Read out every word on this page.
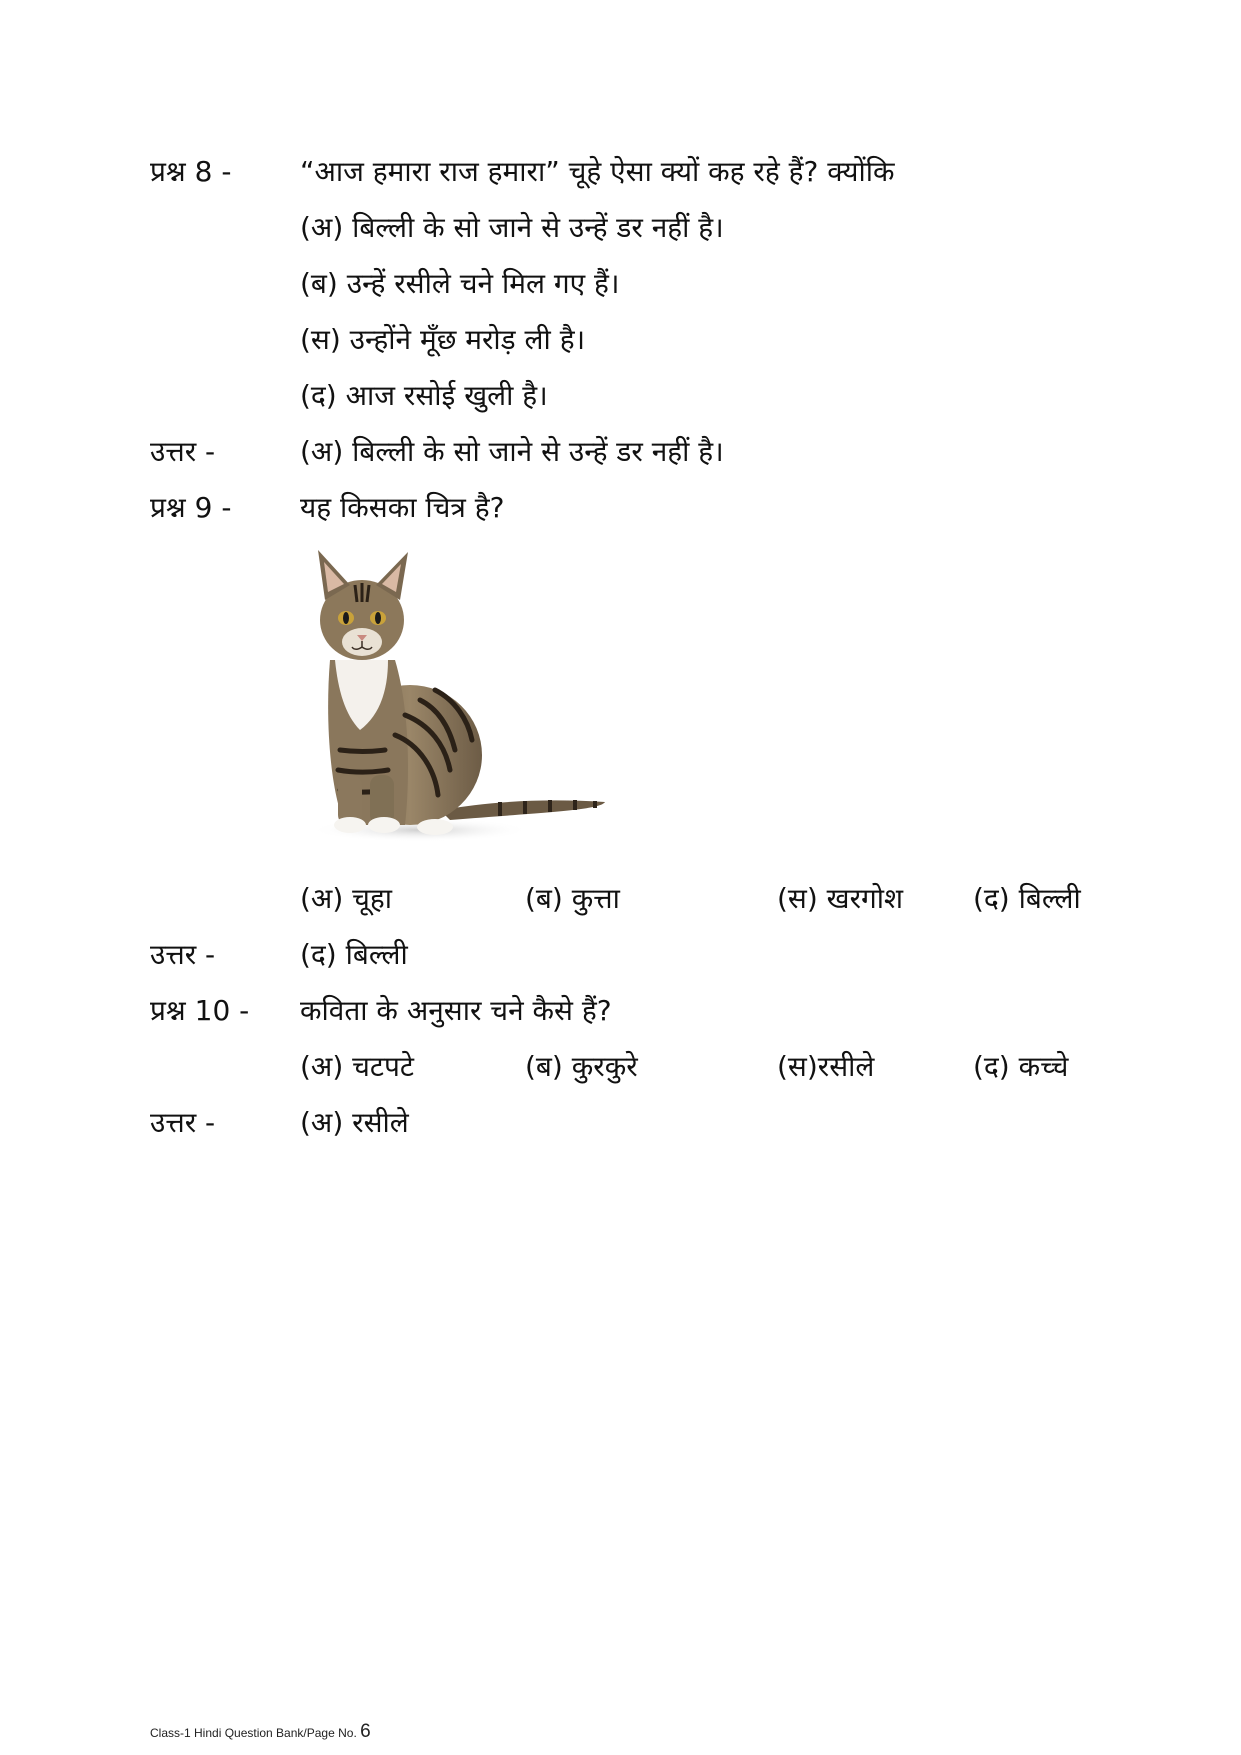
प्रश्न 8 - “आज हमारा राज हमारा” चूहे ऐसा क्यों कह रहे हैं? क्योंकि
(अ) बिल्ली के सो जाने से उन्हें डर नहीं है।
(ब) उन्हें रसीले चने मिल गए हैं।
(स) उन्होंने मूँछ मरोड़ ली है।
(द) आज रसोई खुली है।
उत्तर -	(अ) बिल्ली के सो जाने से उन्हें डर नहीं है।
प्रश्न 9 - यह किसका चित्र है?
(अ) चूहा	(ब) कुत्ता	(स) खरगोश (द) बिल्ली
उत्तर -	(द) बिल्ली
प्रश्न 10 - कविता के अनुसार चने कैसे हैं?
(अ) चटपटे	(ब) कुरकुरे	(स)रसीले	(द) कच्चे
उत्तर -	(अ) रसीले
Class-1 Hindi Question Bank/Page No. 6
